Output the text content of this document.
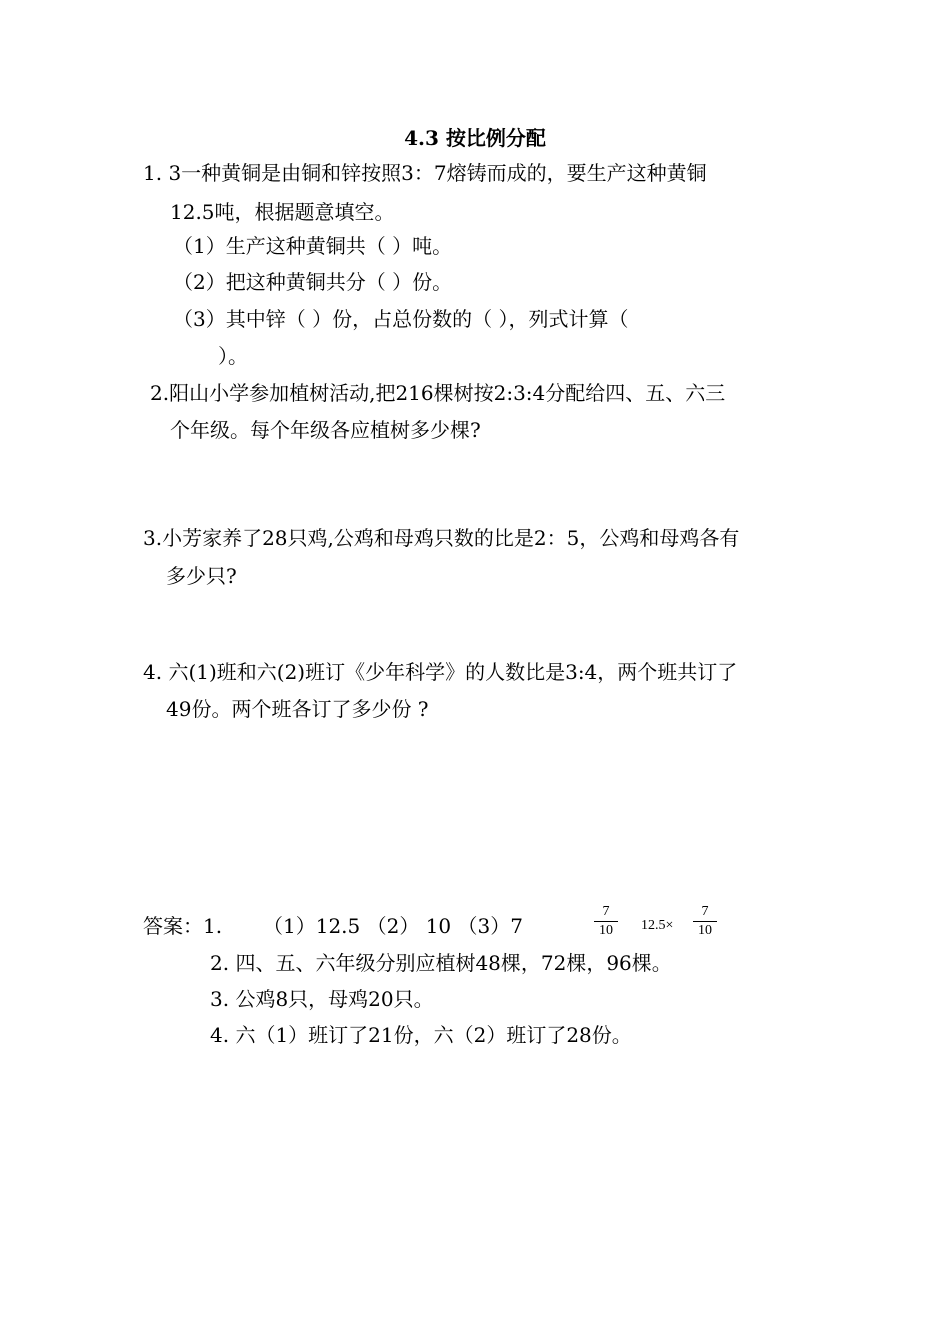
4.3 按比例分配
1. 3一种黄铜是由铜和锌按照3：7熔铸而成的，要生产这种黄铜
12.5吨，根据题意填空。
（1）生产这种黄铜共（ ）吨。
（2）把这种黄铜共分（ ）份。
（3）其中锌（ ）份，占总份数的（ ），列式计算（
）。
2.阳山小学参加植树活动,把216棵树按2:3:4分配给四、五、六三
个年级。每个年级各应植树多少棵?
3.小芳家养了28只鸡,公鸡和母鸡只数的比是2：5，公鸡和母鸡各有
多少只?
4. 六(1)班和六(2)班订《少年科学》的人数比是3:4，两个班共订了
49份。两个班各订了多少份 ?
答案：1. （1）12.5 （2） 10 （3）7
7
10	12.5×
7
10
2. 四、五、六年级分别应植树48棵，72棵，96棵。
3. 公鸡8只，母鸡20只。
4. 六（1）班订了21份，六（2）班订了28份。
